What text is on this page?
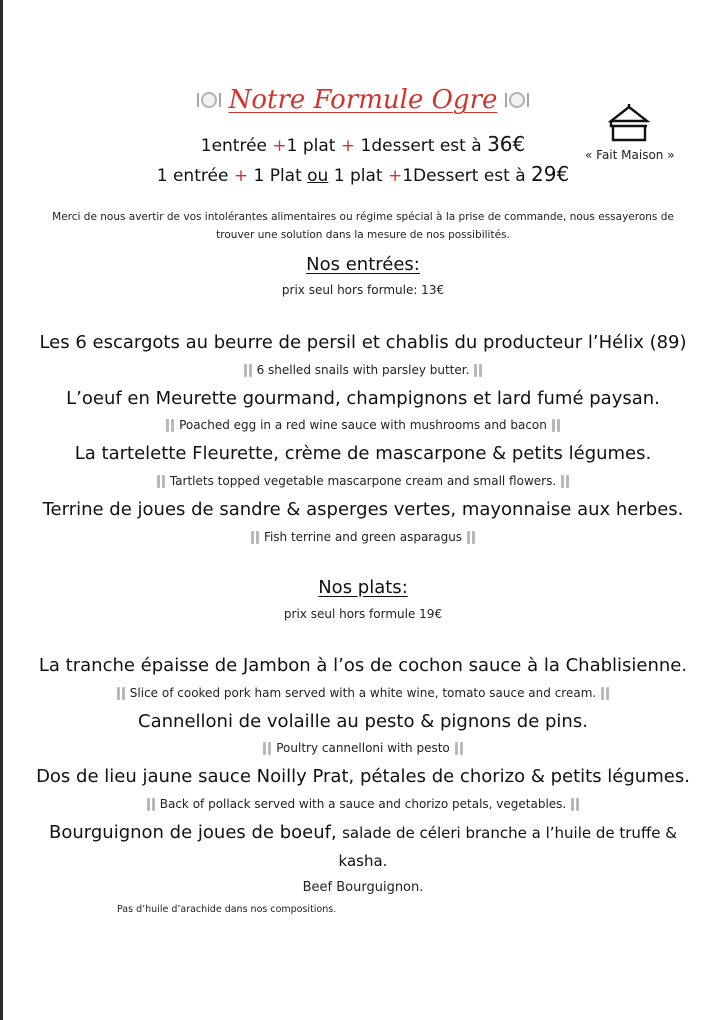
Notre Formule Ogre
1entrée +1 plat + 1dessert est à 36€
1 entrée + 1 Plat ou 1 plat +1Dessert est à 29€
« Fait Maison »
Merci de nous avertir de vos intolérantes alimentaires ou régime spécial à la prise de commande, nous essayerons de
trouver une solution dans la mesure de nos possibilités.
Nos entrées:
prix seul hors formule: 13€
Les 6 escargots au beurre de persil et chablis du producteur l’Hélix (89)
6 shelled snails with parsley butter.
L’oeuf en Meurette gourmand, champignons et lard fumé paysan.
Poached egg in a red wine sauce with mushrooms and bacon
La tartelette Fleurette, crème de mascarpone & petits légumes.
Tartlets topped vegetable mascarpone cream and small flowers.
Terrine de joues de sandre & asperges vertes, mayonnaise aux herbes.
Fish terrine and green asparagus
Nos plats:
prix seul hors formule 19€
La tranche épaisse de Jambon à l’os de cochon sauce à la Chablisienne.
Slice of cooked pork ham served with a white wine, tomato sauce and cream.
Cannelloni de volaille au pesto & pignons de pins.
Poultry cannelloni with pesto
Dos de lieu jaune sauce Noilly Prat, pétales de chorizo & petits légumes.
Back of pollack served with a sauce and chorizo petals, vegetables.
Bourguignon de joues de boeuf, salade de céleri branche a l’huile de truffe &
kasha.
Beef Bourguignon.
Pas d’huile d’arachide dans nos compositions.
